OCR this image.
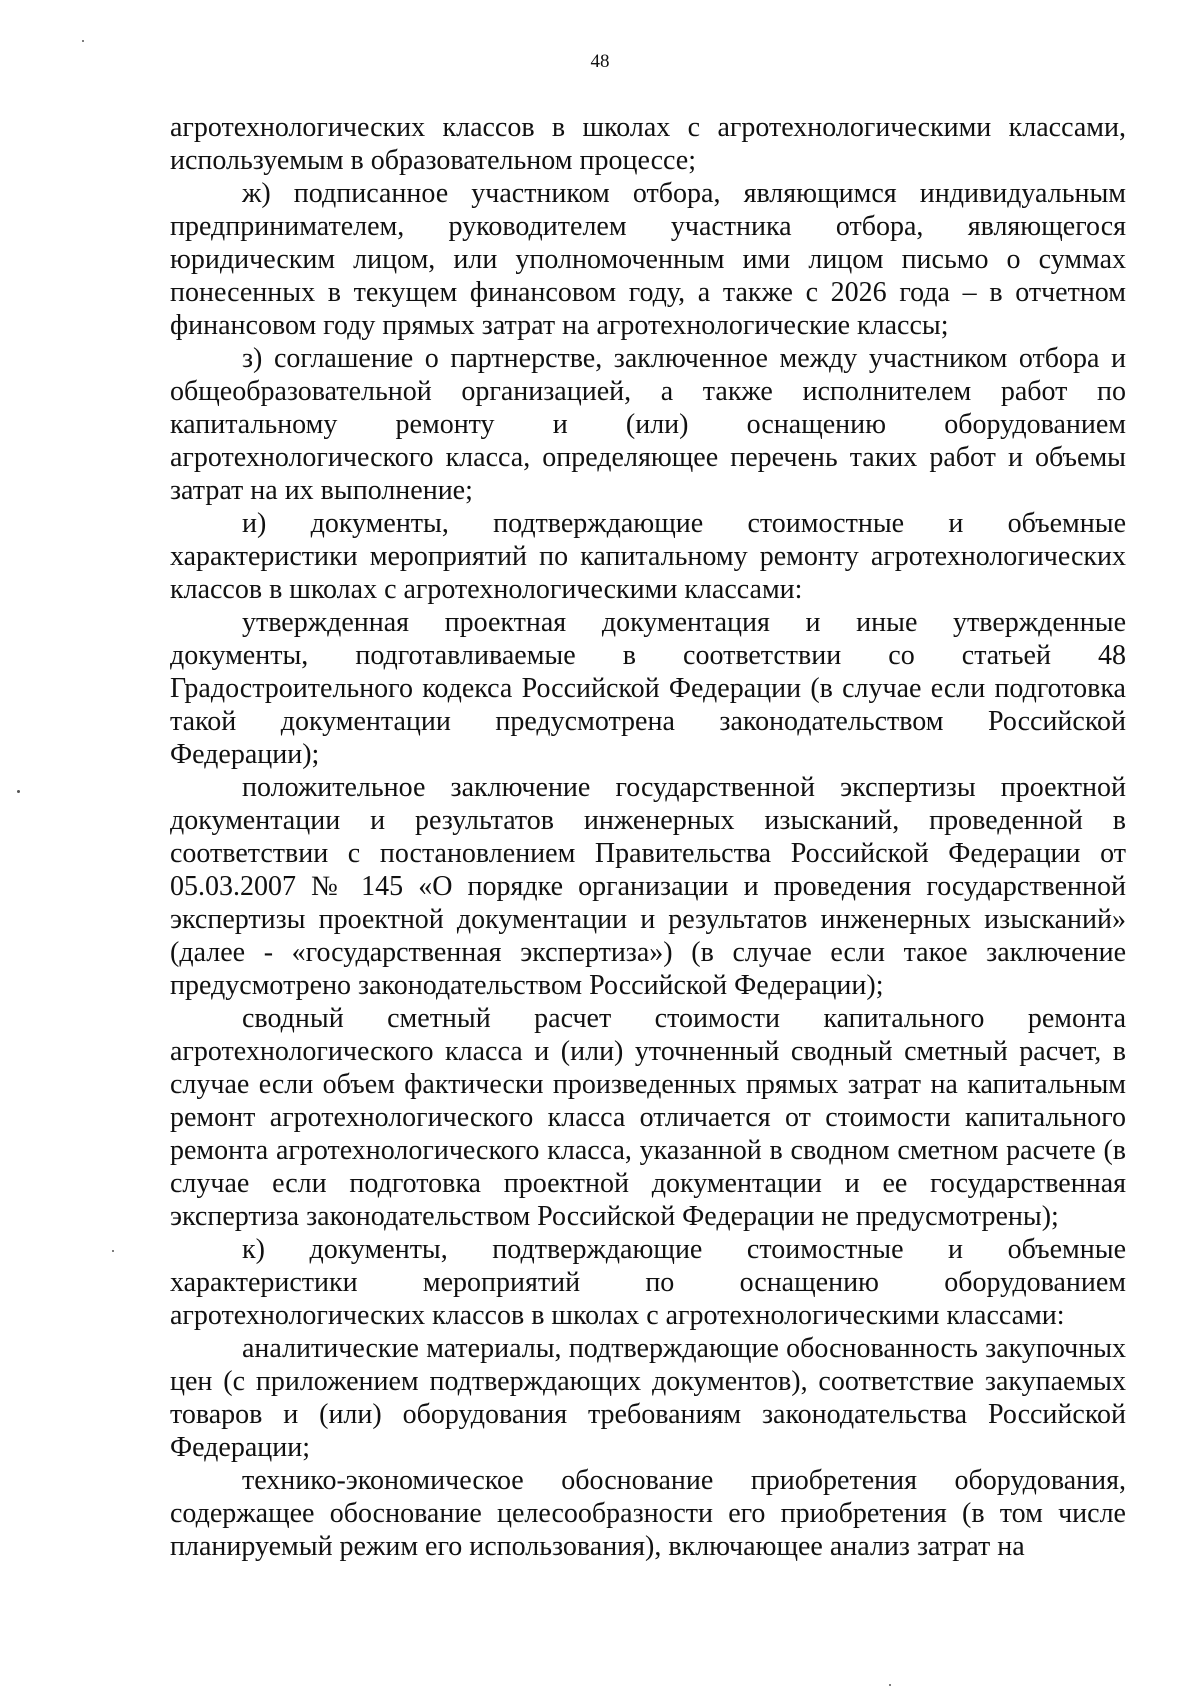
48

агротехнологических классов в школах с агротехнологическими классами, используемым в образовательном процессе;

ж) подписанное участником отбора, являющимся индивидуальным предпринимателем, руководителем участника отбора, являющегося юридическим лицом, или уполномоченным ими лицом письмо о суммах понесенных в текущем финансовом году, а также с 2026 года – в отчетном финансовом году прямых затрат на агротехнологические классы;

з) соглашение о партнерстве, заключенное между участником отбора и общеобразовательной организацией, а также исполнителем работ по капитальному ремонту и (или) оснащению оборудованием агротехнологического класса, определяющее перечень таких работ и объемы затрат на их выполнение;

и) документы, подтверждающие стоимостные и объемные характеристики мероприятий по капитальному ремонту агротехнологических классов в школах с агротехнологическими классами:

утвержденная проектная документация и иные утвержденные документы, подготавливаемые в соответствии со статьей 48 Градостроительного кодекса Российской Федерации (в случае если подготовка такой документации предусмотрена законодательством Российской Федерации);

положительное заключение государственной экспертизы проектной документации и результатов инженерных изысканий, проведенной в соответствии с постановлением Правительства Российской Федерации от 05.03.2007 № 145 «О порядке организации и проведения государственной экспертизы проектной документации и результатов инженерных изысканий» (далее - «государственная экспертиза») (в случае если такое заключение предусмотрено законодательством Российской Федерации);

сводный сметный расчет стоимости капитального ремонта агротехнологического класса и (или) уточненный сводный сметный расчет, в случае если объем фактически произведенных прямых затрат на капитальным ремонт агротехнологического класса отличается от стоимости капитального ремонта агротехнологического класса, указанной в сводном сметном расчете (в случае если подготовка проектной документации и ее государственная экспертиза законодательством Российской Федерации не предусмотрены);

к) документы, подтверждающие стоимостные и объемные характеристики мероприятий по оснащению оборудованием агротехнологических классов в школах с агротехнологическими классами:

аналитические материалы, подтверждающие обоснованность закупочных цен (с приложением подтверждающих документов), соответствие закупаемых товаров и (или) оборудования требованиям законодательства Российской Федерации;

технико-экономическое обоснование приобретения оборудования, содержащее обоснование целесообразности его приобретения (в том числе планируемый режим его использования), включающее анализ затрат на
